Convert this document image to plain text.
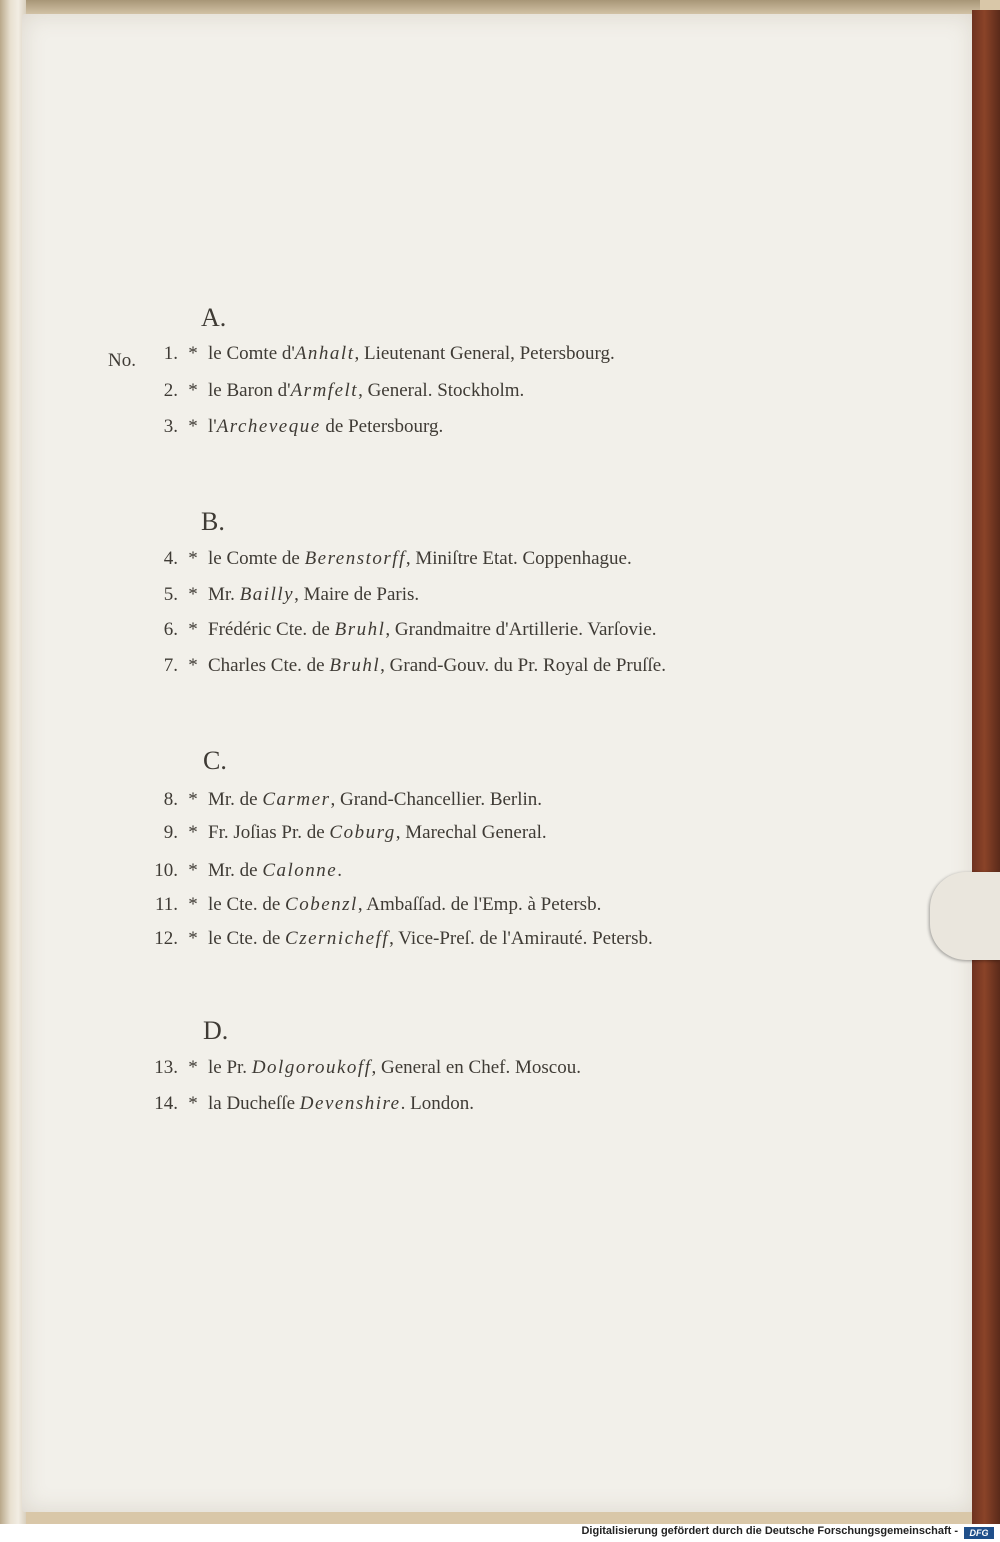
A.
No.	1. * le Comte d'Anhalt, Lieutenant General, Petersbourg.
2. * le Baron d'Armfelt, General. Stockholm.
3. * l'Archeveque de Petersbourg.
B.
4. * le Comte de Berenstorff, Miniſtre Etat. Coppenhague.
5. * Mr. Bailly, Maire de Paris.
6. * Frédéric Cte. de Bruhl, Grandmaitre d'Artillerie. Varſovie.
7. * Charles Cte. de Bruhl, Grand-Gouv. du Pr. Royal de Pruſſe.
C.
8. * Mr. de Carmer, Grand-Chancellier. Berlin.
9. * Fr. Joſias Pr. de Coburg, Marechal General.
10. * Mr. de Calonne.
11. * le Cte. de Cobenzl, Ambaſſad. de l'Emp. à Petersb.
12. * le Cte. de Czernicheff, Vice-Preſ. de l'Amirauté. Petersb.
D.
13. * le Pr. Dolgoroukoff, General en Chef. Moscou.
14. * la Ducheſſe Devenshire. London.
Digitalisierung gefördert durch die Deutsche Forschungsgemeinschaft -	DFG
